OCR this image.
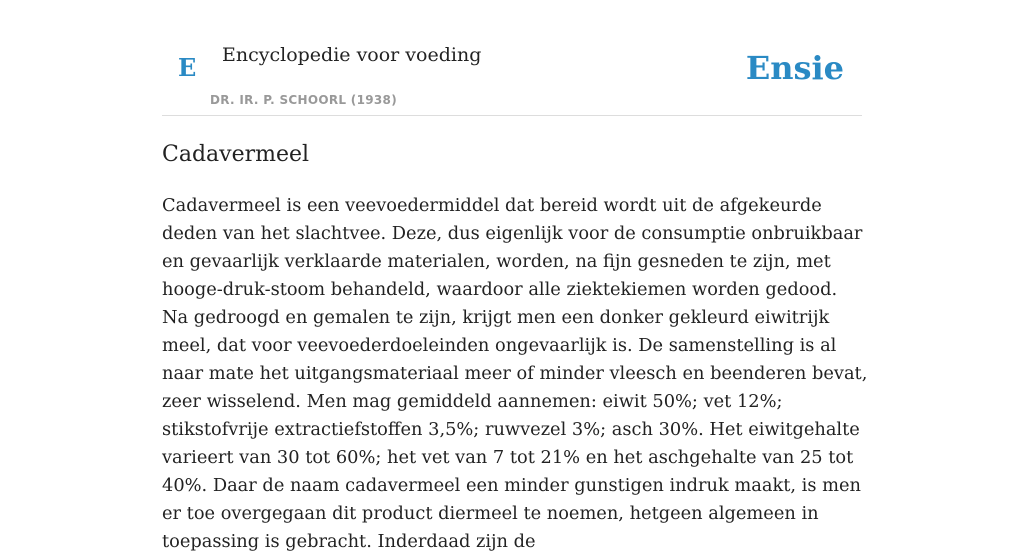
E Encyclopedie voor voeding
DR. IR. P. SCHOORL (1938)
Ensie
Cadavermeel

Cadavermeel is een veevoedermiddel dat bereid wordt uit de afgekeurde deden van het slachtvee. Deze, dus eigenlijk voor de consumptie onbruikbaar en gevaarlijk verklaarde materialen, worden, na fijn gesneden te zijn, met hooge-druk-stoom behandeld, waardoor alle ziektekiemen worden gedood. Na gedroogd en gemalen te zijn, krijgt men een donker gekleurd eiwitrijk meel, dat voor veevoederdoeleinden ongevaarlijk is. De samenstelling is al naar mate het uitgangsmateriaal meer of minder vleesch en beenderen bevat, zeer wisselend. Men mag gemiddeld aannemen: eiwit 50%; vet 12%; stikstofvrije extractiefstoffen 3,5%; ruwvezel 3%; asch 30%. Het eiwitgehalte varieert van 30 tot 60%; het vet van 7 tot 21% en het aschgehalte van 25 tot 40%. Daar de naam cadavermeel een minder gunstigen indruk maakt, is men er toe overgegaan dit product diermeel te noemen, hetgeen algemeen in toepassing is gebracht. Inderdaad zijn de
